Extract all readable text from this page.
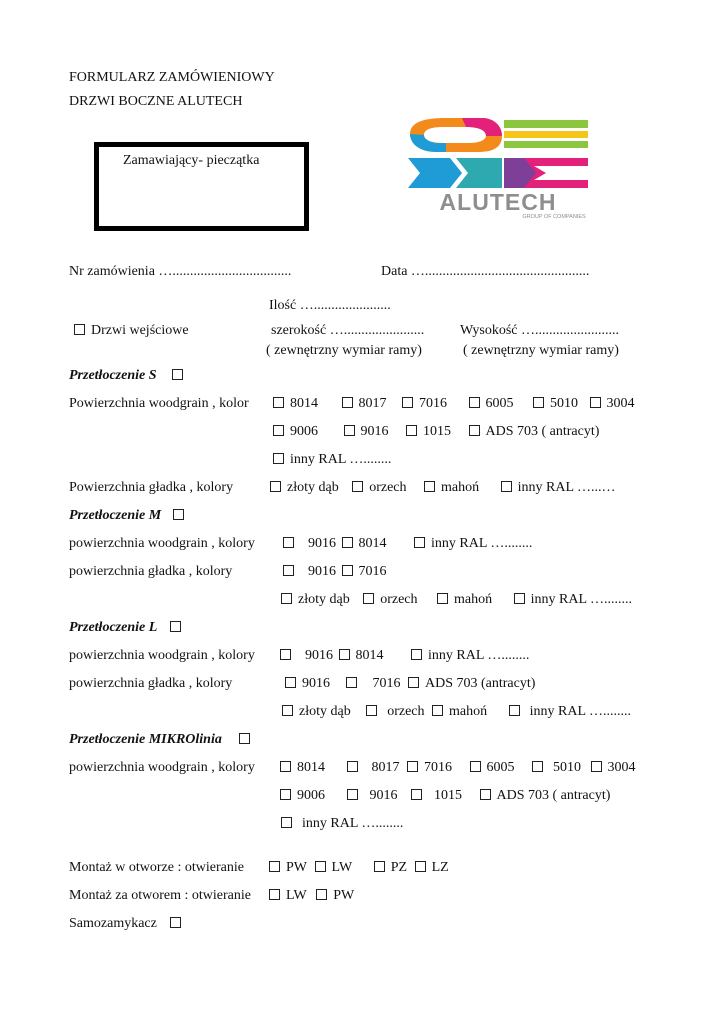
FORMULARZ ZAMÓWIENIOWY
DRZWI BOCZNE ALUTECH
Zamawiający- pieczątka
ALUTECH
GROUP OF COMPANIES
Nr zamówienia …..................................	Data …...............................................
Ilość …......................
Drzwi wejściowe	szerokość ….......................
( zewnętrzny wymiar ramy)
Wysokość …........................
( zewnętrzny wymiar ramy)
Przetłoczenie S
Powierzchnia woodgrain , kolor	8014	8017 7016	6005	5010 3004
9006	9016 1015 ADS 703 ( antracyt)
inny RAL …........
Powierzchnia gładka , kolory	złoty dąb orzech mahoń	inny RAL …...…
Przetłoczenie M
powierzchnia woodgrain , kolory	9016 8014	inny RAL …........
powierzchnia gładka , kolory	9016 7016
złoty dąb orzech	mahoń	inny RAL …........
Przetłoczenie L
powierzchnia woodgrain , kolory	9016 8014	inny RAL …........
powierzchnia gładka , kolory	9016	7016 ADS 703 (antracyt)
złoty dąb	orzech mahoń	inny RAL …........
Przetłoczenie MIKROlinia
powierzchnia woodgrain , kolory	8014	8017 7016 6005	5010 3004
9006	9016	1015 ADS 703 ( antracyt)
inny RAL …........
Montaż w otworze : otwieranie	PW LW	PZ LZ
Montaż za otworem : otwieranie	LW PW
Samozamykacz
